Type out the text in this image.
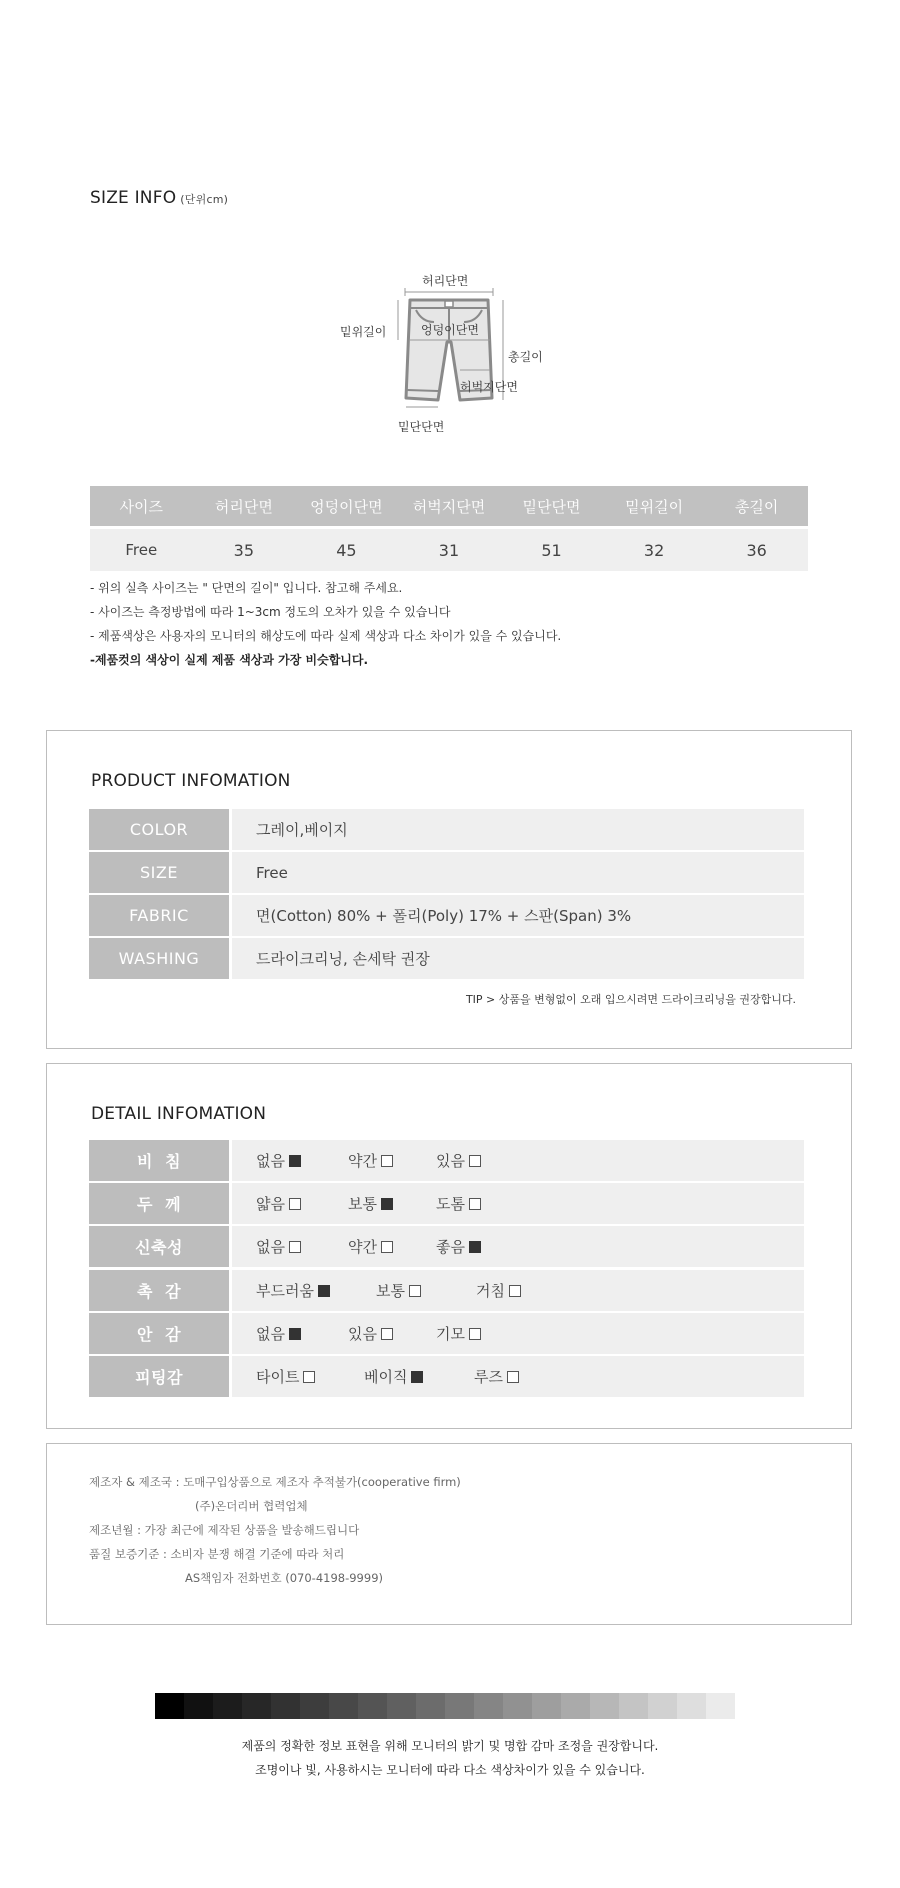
SIZE INFO (단위cm)
허리단면
밑위길이	엉덩이단면
총길이
허벅지단면
밑단단면
사이즈	허리단면	엉덩이단면	허벅지단면	밑단단면	밑위길이	총길이
Free	35	45	31	51	32	36
- 위의 실측 사이즈는 " 단면의 길이" 입니다. 참고해 주세요.
- 사이즈는 측정방법에 따라 1~3cm 정도의 오차가 있을 수 있습니다
- 제품색상은 사용자의 모니터의 해상도에 따라 실제 색상과 다소 차이가 있을 수 있습니다.
-제품컷의 색상이 실제 제품 색상과 가장 비슷합니다.
PRODUCT INFOMATION
COLOR	그레이,베이지
SIZE	Free
FABRIC	면(Cotton) 80% + 폴리(Poly) 17% + 스판(Span) 3%
WASHING	드라이크리닝, 손세탁 권장
TIP > 상품을 변형없이 오래 입으시려면 드라이크리닝을 권장합니다.
DETAIL INFOMATION
비  침	없음	약간	있음
두  께	얇음	보통	도톰
신축성	없음	약간	좋음
촉  감	부드러움	보통	거침
안  감	없음	있음	기모
피팅감	타이트	베이직	루즈
제조자 & 제조국 : 도매구입상품으로 제조자 추적불가(cooperative firm)
(주)온더리버 협력업체
제조년월 : 가장 최근에 제작된 상품을 발송해드립니다
품질 보증기준 : 소비자 분쟁 해결 기준에 따라 처리
AS책임자 전화번호 (070-4198-9999)
제품의 정확한 정보 표현을 위해 모니터의 밝기 및 명합 감마 조정을 권장합니다.
조명이나 빛, 사용하시는 모니터에 따라 다소 색상차이가 있을 수 있습니다.
